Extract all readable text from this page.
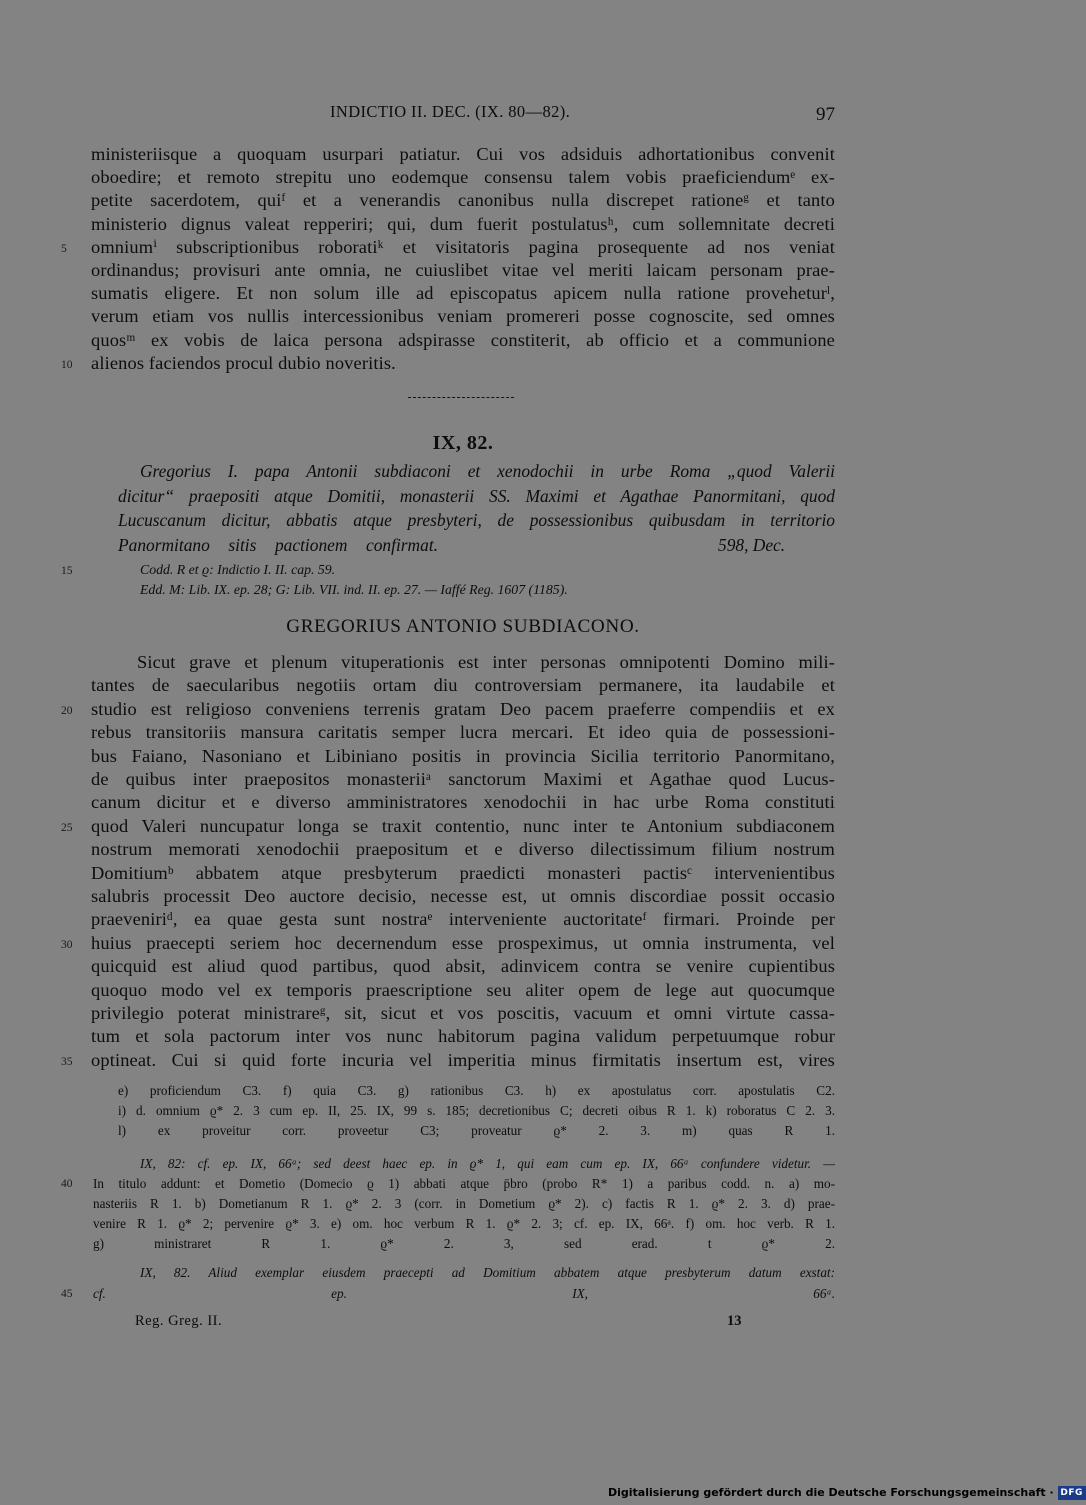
INDICTIO II. DEC. (IX. 80—82).	97
ministeriisque a quoquam usurpari patiatur. Cui vos adsiduis adhortationibus convenit
oboedire; et remoto strepitu uno eodemque consensu talem vobis praeficiendumᵉ ex-
petite sacerdotem, quiᶠ et a venerandis canonibus nulla discrepet rationeᵍ et tanto
ministerio dignus valeat repperiri; qui, dum fuerit postulatusʰ, cum sollemnitate decreti
5 omniumⁱ subscriptionibus roboratiᵏ et visitatoris pagina prosequente ad nos veniat
ordinandus; provisuri ante omnia, ne cuiuslibet vitae vel meriti laicam personam prae-
sumatis eligere. Et non solum ille ad episcopatus apicem nulla ratione proveheturˡ,
verum etiam vos nullis intercessionibus veniam promereri posse cognoscite, sed omnes
quosᵐ ex vobis de laica persona adspirasse constiterit, ab officio et a communione
10 alienos faciendos procul dubio noveritis.
IX, 82.
Gregorius I. papa Antonii subdiaconi et xenodochii in urbe Roma „quod Valerii
dicitur“ praepositi atque Domitii, monasterii SS. Maximi et Agathae Panormitani, quod
Lucuscanum dicitur, abbatis atque presbyteri, de possessionibus quibusdam in territorio
Panormitano sitis pactionem confirmat.	598, Dec.
15	Codd. R et ϱ: Indictio I. II. cap. 59.
Edd. M: Lib. IX. ep. 28; G: Lib. VII. ind. II. ep. 27. — Iaffé Reg. 1607 (1185).
GREGORIUS ANTONIO SUBDIACONO.
Sicut grave et plenum vituperationis est inter personas omnipotenti Domino mili-
tantes de saecularibus negotiis ortam diu controversiam permanere, ita laudabile et
20 studio est religioso conveniens terrenis gratam Deo pacem praeferre compendiis et ex
rebus transitoriis mansura caritatis semper lucra mercari. Et ideo quia de possessioni-
bus Faiano, Nasoniano et Libiniano positis in provincia Sicilia territorio Panormitano,
de quibus inter praepositos monasteriiᵃ sanctorum Maximi et Agathae quod Lucus-
canum dicitur et e diverso amministratores xenodochii in hac urbe Roma constituti
25 quod Valeri nuncupatur longa se traxit contentio, nunc inter te Antonium subdiaconem
nostrum memorati xenodochii praepositum et e diverso dilectissimum filium nostrum
Domitiumᵇ abbatem atque presbyterum praedicti monasteri pactisᶜ intervenientibus
salubris processit Deo auctore decisio, necesse est, ut omnis discordiae possit occasio
praeveniriᵈ, ea quae gesta sunt nostraᵉ interveniente auctoritateᶠ firmari. Proinde per
30 huius praecepti seriem hoc decernendum esse prospeximus, ut omnia instrumenta, vel
quicquid est aliud quod partibus, quod absit, adinvicem contra se venire cupientibus
quoquo modo vel ex temporis praescriptione seu aliter opem de lege aut quocumque
privilegio poterat ministrareᵍ, sit, sicut et vos poscitis, vacuum et omni virtute cassa-
tum et sola pactorum inter vos nunc habitorum pagina validum perpetuumque robur
35 optineat. Cui si quid forte incuria vel imperitia minus firmitatis insertum est, vires
e) proficiendum C3. f) quia C3. g) rationibus C3. h) ex apostulatus corr. apostulatis C2.
i) d. omnium ϱ* 2. 3 cum ep. II, 25. IX, 99 s. 185; decretionibus C; decreti oibus R 1. k) roboratus C 2. 3.
l) ex proveitur corr. proveetur C3; proveatur ϱ* 2. 3. m) quas R 1.
IX, 82: cf. ep. IX, 66ᵃ; sed deest haec ep. in ϱ* 1, qui eam cum ep. IX, 66ᵃ confundere videtur. —
40 In titulo addunt: et Dometio (Domecio ϱ 1) abbati atque p̄bro (probo R* 1) a paribus codd. n. a) mo-
nasteriis R 1. b) Dometianum R 1. ϱ* 2. 3 (corr. in Dometium ϱ* 2). c) factis R 1. ϱ* 2. 3. d) prae-
venire R 1. ϱ* 2; pervenire ϱ* 3. e) om. hoc verbum R 1. ϱ* 2. 3; cf. ep. IX, 66ᵃ. f) om. hoc verb. R 1.
g) ministraret R 1. ϱ* 2. 3, sed erad. t ϱ* 2.
IX, 82. Aliud exemplar eiusdem praecepti ad Domitium abbatem atque presbyterum datum exstat:
45 cf. ep. IX, 66ᵃ.
Reg. Greg. II.	13
Digitalisierung gefördert durch die Deutsche Forschungsgemeinschaft · DFG
